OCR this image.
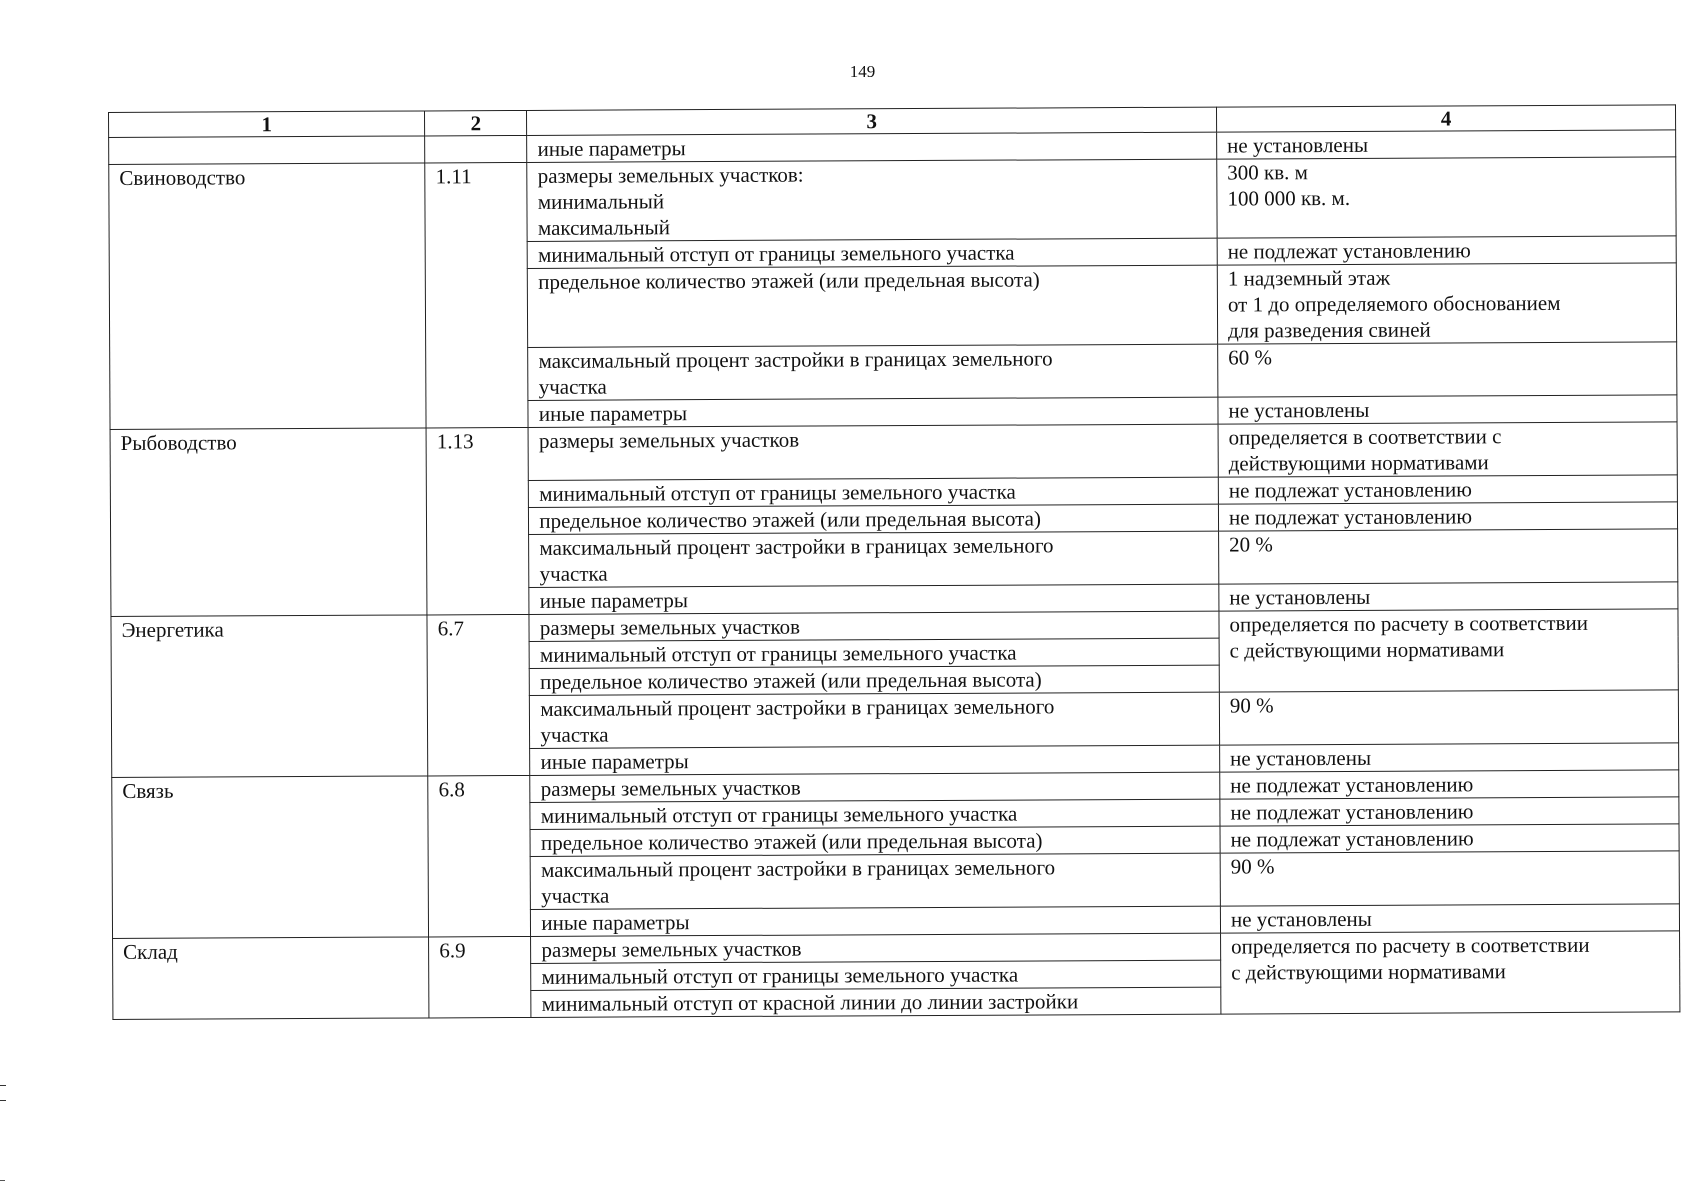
149
1	2	3	4

		иные параметры	не установлены

Свиноводство	1.11	размеры земельных участков:
минимальный
максимальный	300 кв. м
100 000 кв. м.

		минимальный отступ от границы земельного участка	не подлежат установлению

		предельное количество этажей (или предельная высота)	1 надземный этаж
от 1 до определяемого обоснованием
для разведения свиней

		максимальный процент застройки в границах земельного
участка	60 %

		иные параметры	не установлены

Рыбоводство	1.13	размеры земельных участков	определяется в соответствии с
действующими нормативами

		минимальный отступ от границы земельного участка	не подлежат установлению

		предельное количество этажей (или предельная высота)	не подлежат установлению

		максимальный процент застройки в границах земельного
участка	20 %

		иные параметры	не установлены

Энергетика	6.7	размеры земельных участков	определяется по расчету в соответствии
с действующими нормативами

		минимальный отступ от границы земельного участка	

		предельное количество этажей (или предельная высота)	

		максимальный процент застройки в границах земельного
участка	90 %

		иные параметры	не установлены

Связь	6.8	размеры земельных участков	не подлежат установлению

		минимальный отступ от границы земельного участка	не подлежат установлению

		предельное количество этажей (или предельная высота)	не подлежат установлению

		максимальный процент застройки в границах земельного
участка	90 %

		иные параметры	не установлены

Склад	6.9	размеры земельных участков	определяется по расчету в соответствии
с действующими нормативами

		минимальный отступ от границы земельного участка	

		минимальный отступ от красной линии до линии застройки	
